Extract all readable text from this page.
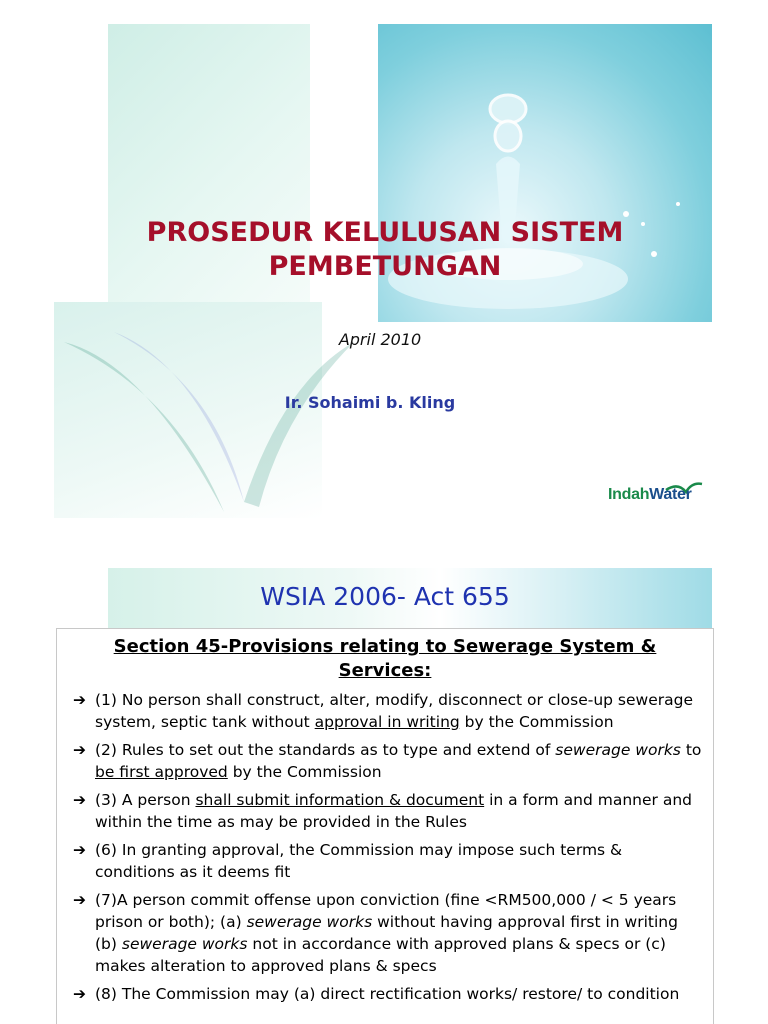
PROSEDUR KELULUSAN SISTEM PEMBETUNGAN
April 2010
Ir. Sohaimi b. Kling
IndahWater
WSIA 2006- Act 655
Section 45-Provisions relating to Sewerage System & Services:
➔ (1) No person shall construct, alter, modify, disconnect or close-up sewerage system, septic tank without approval in writing by the Commission
➔ (2) Rules to set out the standards as to type and extend of sewerage works to be first approved by the Commission
➔ (3) A person shall submit information & document in a form and manner and within the time as may be provided in the Rules
➔ (6) In granting approval, the Commission may impose such terms & conditions as it deems fit
➔ (7)A person commit offense upon conviction (fine <RM500,000 / < 5 years prison or both); (a) sewerage works without having approval first in writing (b) sewerage works not in accordance with approved plans & specs or (c) makes alteration to approved plans & specs
➔ (8) The Commission may (a) direct rectification works/ restore/ to condition
